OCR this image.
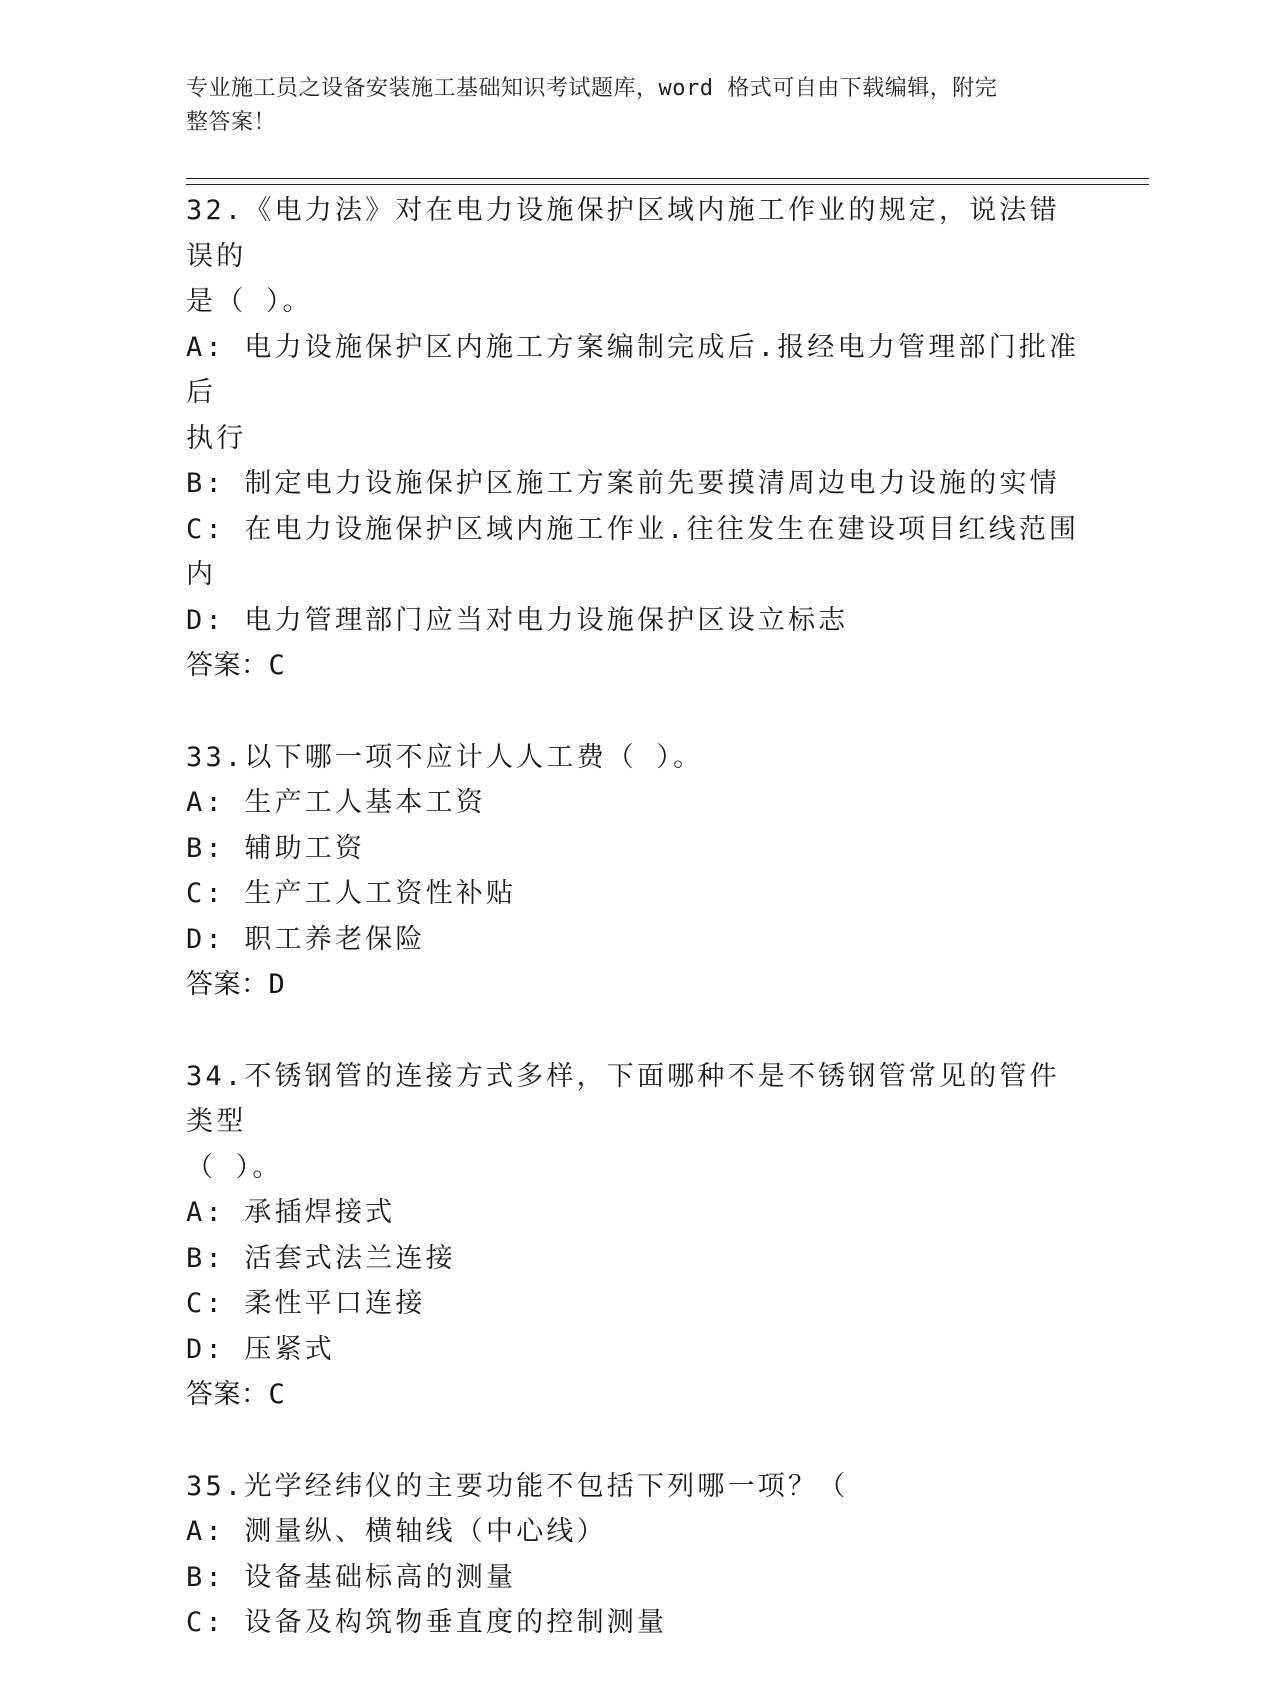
专业施工员之设备安装施工基础知识考试题库，word 格式可自由下载编辑，附完
整答案！
32.《电力法》对在电力设施保护区域内施工作业的规定，说法错误的
是（ ）。
A: 电力设施保护区内施工方案编制完成后.报经电力管理部门批准后
执行
B: 制定电力设施保护区施工方案前先要摸清周边电力设施的实情
C: 在电力设施保护区域内施工作业.往往发生在建设项目红线范围内
D: 电力管理部门应当对电力设施保护区设立标志
答案：C
33.以下哪一项不应计人人工费（ ）。
A: 生产工人基本工资
B: 辅助工资
C: 生产工人工资性补贴
D: 职工养老保险
答案：D
34.不锈钢管的连接方式多样，下面哪种不是不锈钢管常见的管件类型
（ ）。
A: 承插焊接式
B: 活套式法兰连接
C: 柔性平口连接
D: 压紧式
答案：C
35.光学经纬仪的主要功能不包括下列哪一项？（
A: 测量纵、横轴线（中心线）
B: 设备基础标高的测量
C: 设备及构筑物垂直度的控制测量
